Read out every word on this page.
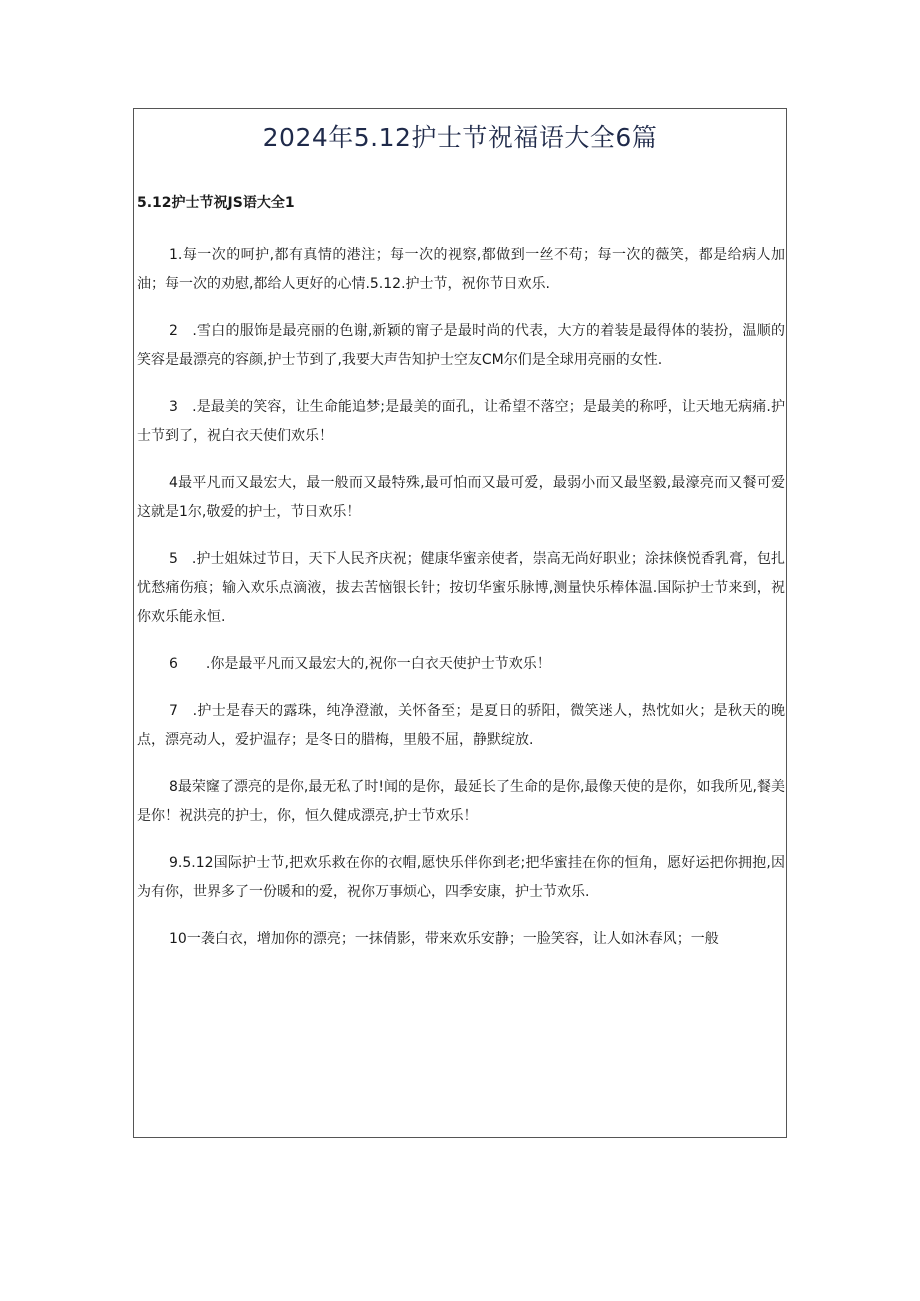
2024年5.12护士节祝福语大全6篇
5.12护士节祝JS语大全1

1.每一次的呵护,都有真情的港注；每一次的视察,都做到一丝不苟；每一次的薇笑，都是给病人加油；每一次的劝慰,都给人更好的心情.5.12.护士节，祝你节日欢乐.

2　.雪白的服饰是最亮丽的色谢,新颖的甯子是最时尚的代表，大方的着装是最得体的装扮，温顺的笑容是最漂亮的容颜,护士节到了,我要大声告知护士空友CM尔们是全球用亮丽的女性.

3　.是最美的笑容，让生命能追梦;是最美的面孔，让希望不落空；是最美的称呼，让天地无病痛.护士节到了，祝白衣天使们欢乐！

4最平凡而又最宏大，最一般而又最特殊,最可怕而又最可爱，最弱小而又最坚毅,最濠亮而又餐可爱这就是1尔,敬爱的护士，节日欢乐！

5　.护士姐妹过节日，天下人民齐庆祝；健康华蜜亲使者，崇高无尚好职业；涂抹倏悦香乳膏，包扎忧愁痛伤痕；输入欢乐点滴液，拔去苦恼银长针；按切华蜜乐脉博,测量快乐棒体温.国际护士节来到，祝你欢乐能永恒.

6　　.你是最平凡而又最宏大的,祝你一白衣天使护士节欢乐！

7　.护士是春天的露珠，纯净澄澈，关怀备至；是夏日的骄阳，微笑迷人，热忱如火；是秋天的晚点，漂亮动人，爱护温存；是冬日的腊梅，里般不屈，静默绽放.

8最荣窿了漂亮的是你,最无私了时!闻的是你，最延长了生命的是你,最像天使的是你，如我所见,餐美是你！祝洪亮的护士，你，恒久健成漂亮,护士节欢乐！

9.5.12国际护士节,把欢乐救在你的衣帽,愿快乐伴你到老;把华蜜挂在你的恒角，愿好运把你拥抱,因为有你，世界多了一份暖和的爱，祝你万事烦心，四季安康，护士节欢乐.

10一袭白衣，增加你的漂亮；一抹倩影，带来欢乐安静；一脸笑容，让人如沐春风；一般
